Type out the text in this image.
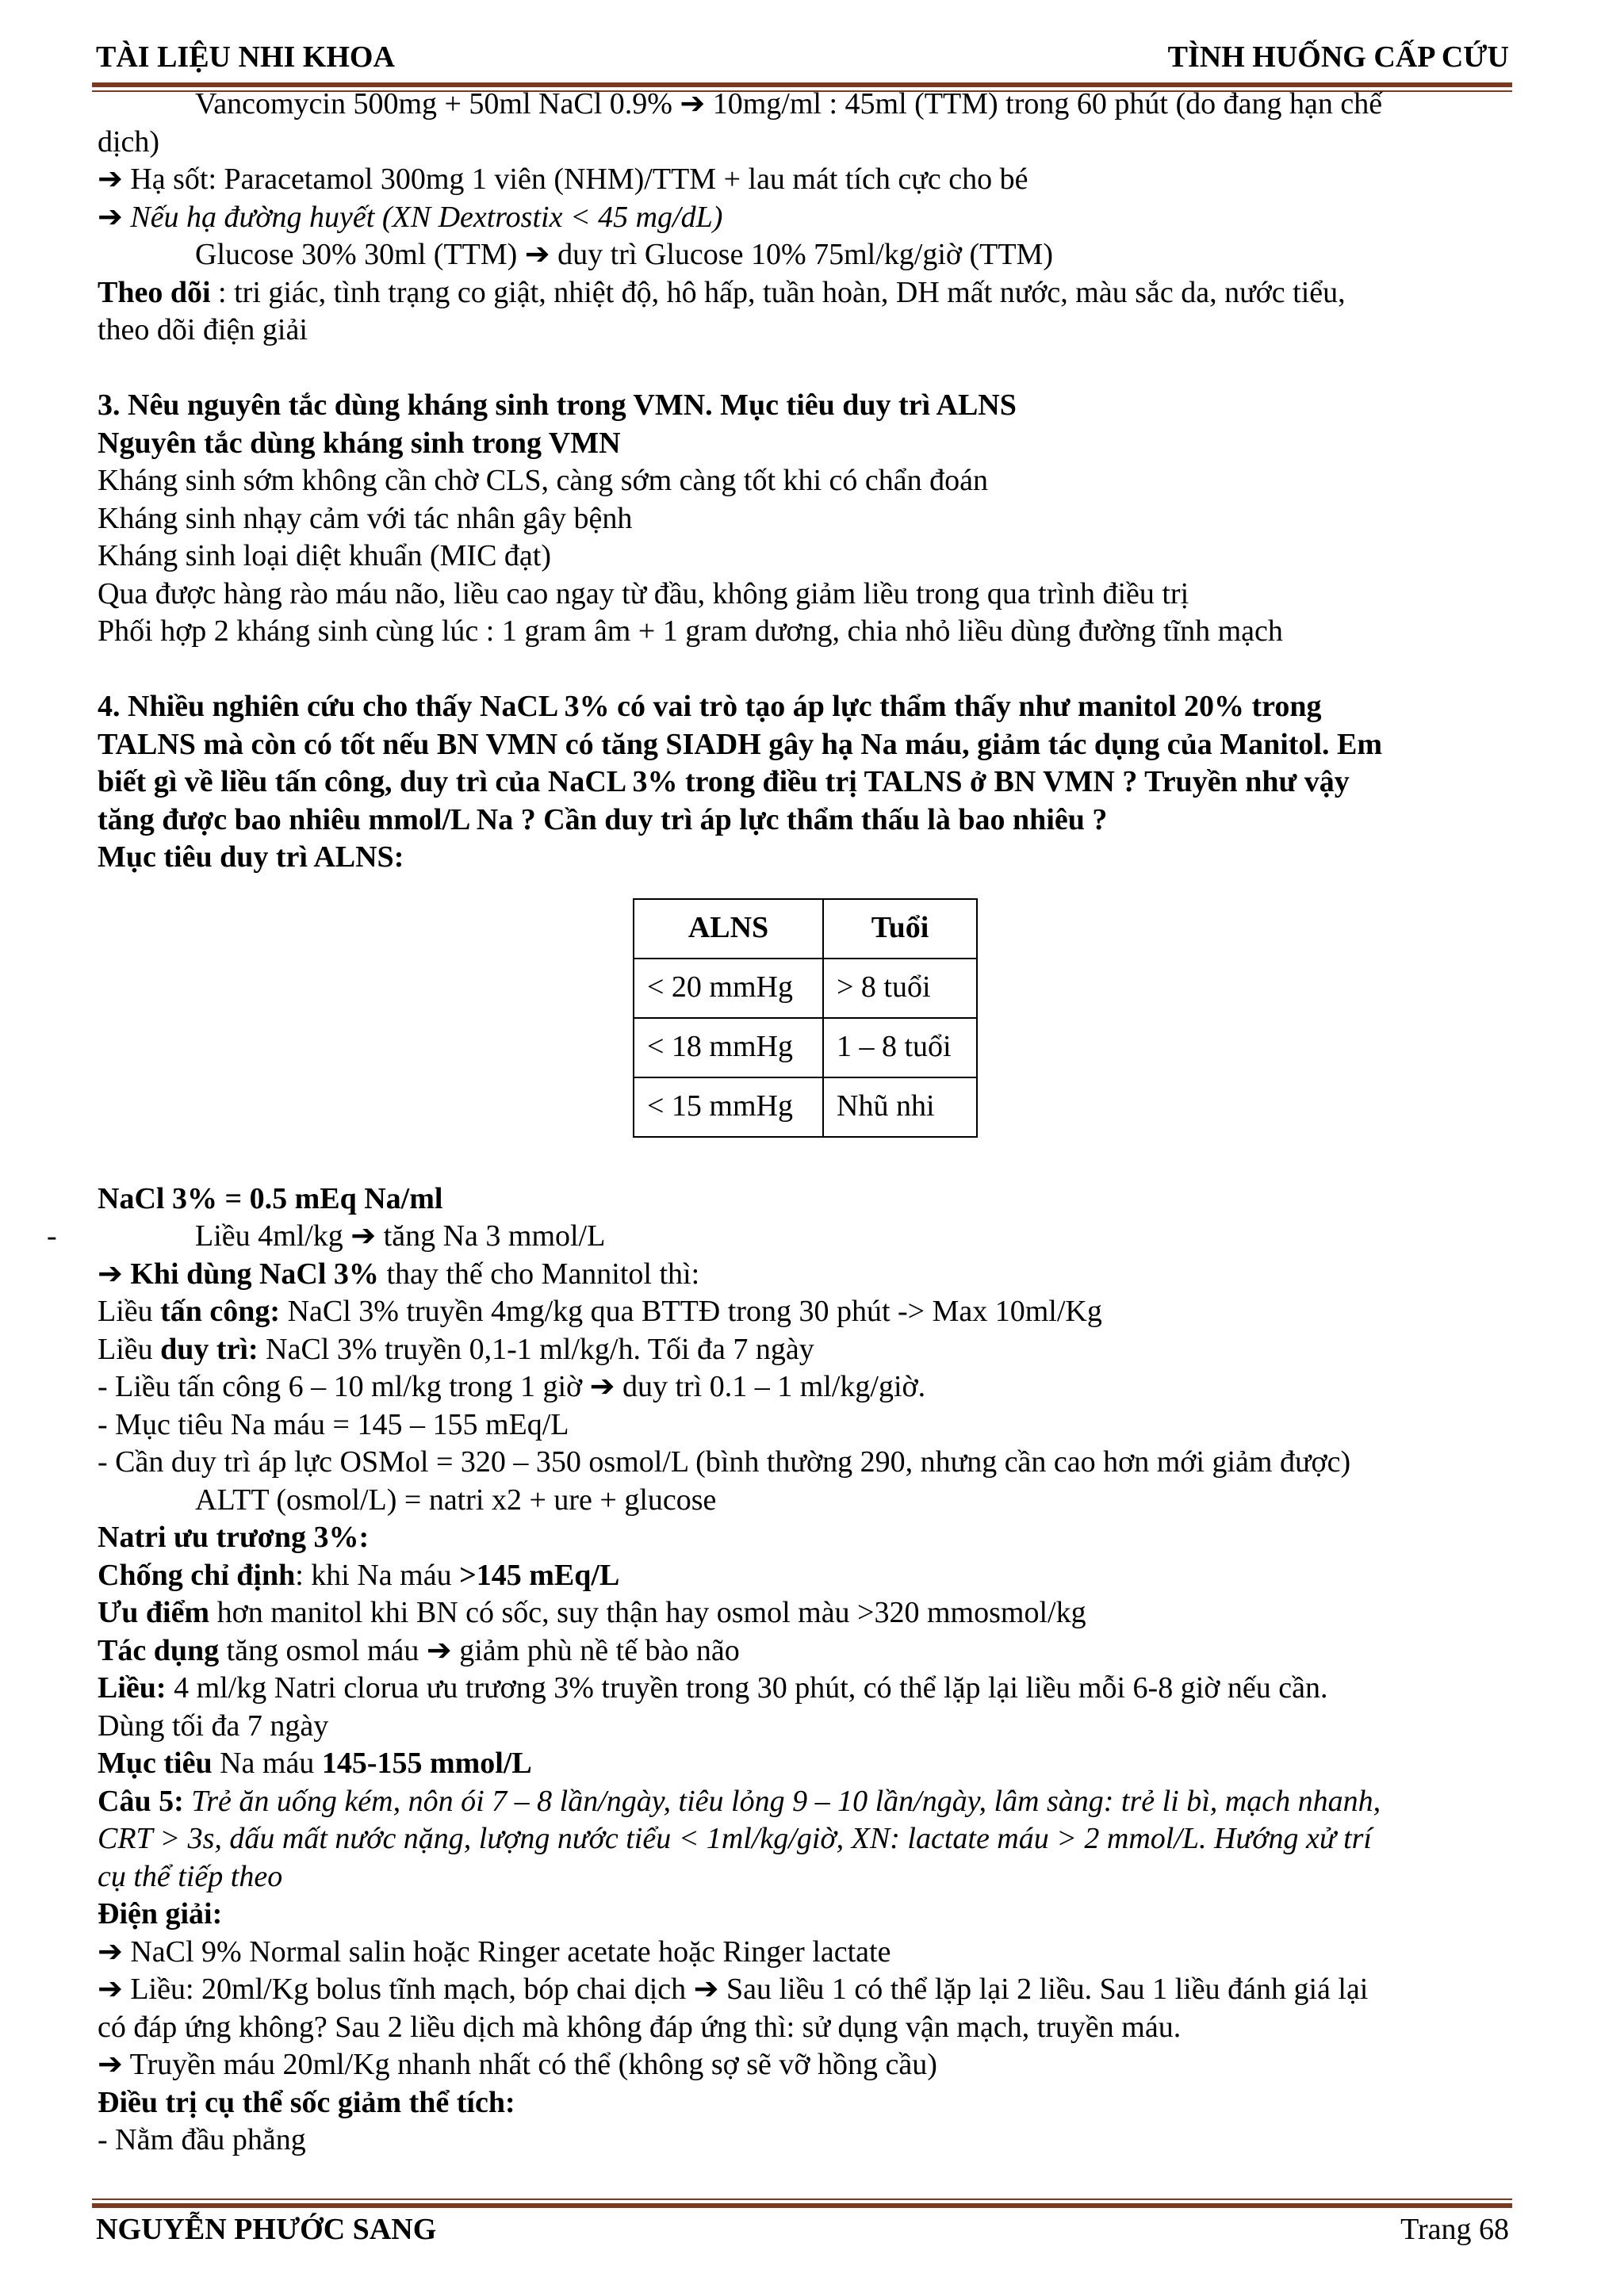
TÀI LIỆU NHI KHOA	TÌNH HUỐNG CẤP CỨU

Vancomycin 500mg + 50ml NaCl 0.9% ➔ 10mg/ml : 45ml (TTM) trong 60 phút (do đang hạn chế

dịch)

➔ Hạ sốt: Paracetamol 300mg 1 viên (NHM)/TTM + lau mát tích cực cho bé

➔ Nếu hạ đường huyết (XN Dextrostix < 45 mg/dL)

Glucose 30% 30ml (TTM) ➔ duy trì Glucose 10% 75ml/kg/giờ (TTM)

Theo dõi : tri giác, tình trạng co giật, nhiệt độ, hô hấp, tuần hoàn, DH mất nước, màu sắc da, nước tiểu,

theo dõi điện giải

3. Nêu nguyên tắc dùng kháng sinh trong VMN. Mục tiêu duy trì ALNS

Nguyên tắc dùng kháng sinh trong VMN

Kháng sinh sớm không cần chờ CLS, càng sớm càng tốt khi có chẩn đoán

Kháng sinh nhạy cảm với tác nhân gây bệnh

Kháng sinh loại diệt khuẩn (MIC đạt)

Qua được hàng rào máu não, liều cao ngay từ đầu, không giảm liều trong qua trình điều trị

Phối hợp 2 kháng sinh cùng lúc : 1 gram âm + 1 gram dương, chia nhỏ liều dùng đường tĩnh mạch

4. Nhiều nghiên cứu cho thấy NaCL 3% có vai trò tạo áp lực thẩm thấy như manitol 20% trong

TALNS mà còn có tốt nếu BN VMN có tăng SIADH gây hạ Na máu, giảm tác dụng của Manitol. Em

biết gì về liều tấn công, duy trì của NaCL 3% trong điều trị TALNS ở BN VMN ? Truyền như vậy

tăng được bao nhiêu mmol/L Na ? Cần duy trì áp lực thẩm thấu là bao nhiêu ?

Mục tiêu duy trì ALNS:

ALNS	Tuổi
< 20 mmHg	> 8 tuổi
< 18 mmHg	1 – 8 tuổi
< 15 mmHg	Nhũ nhi

NaCl 3% = 0.5 mEq Na/ml

-	Liều 4ml/kg ➔ tăng Na 3 mmol/L

➔ Khi dùng NaCl 3% thay thế cho Mannitol thì:

Liều tấn công: NaCl 3% truyền 4mg/kg qua BTTĐ trong 30 phút -> Max 10ml/Kg

Liều duy trì: NaCl 3% truyền 0,1-1 ml/kg/h. Tối đa 7 ngày

- Liều tấn công 6 – 10 ml/kg trong 1 giờ ➔ duy trì 0.1 – 1 ml/kg/giờ.

- Mục tiêu Na máu = 145 – 155 mEq/L

- Cần duy trì áp lực OSMol = 320 – 350 osmol/L (bình thường 290, nhưng cần cao hơn mới giảm được)

ALTT (osmol/L) = natri x2 + ure + glucose

Natri ưu trương 3%:

Chống chỉ định: khi Na máu >145 mEq/L

Ưu điểm hơn manitol khi BN có sốc, suy thận hay osmol màu >320 mmosmol/kg

Tác dụng tăng osmol máu ➔ giảm phù nề tế bào não

Liều: 4 ml/kg Natri clorua ưu trương 3% truyền trong 30 phút, có thể lặp lại liều mỗi 6-8 giờ nếu cần.

Dùng tối đa 7 ngày

Mục tiêu Na máu 145-155 mmol/L

Câu 5: Trẻ ăn uống kém, nôn ói 7 – 8 lần/ngày, tiêu lỏng 9 – 10 lần/ngày, lâm sàng: trẻ li bì, mạch nhanh,

CRT > 3s, dấu mất nước nặng, lượng nước tiểu < 1ml/kg/giờ, XN: lactate máu > 2 mmol/L. Hướng xử trí

cụ thể tiếp theo

Điện giải:

➔ NaCl 9% Normal salin hoặc Ringer acetate hoặc Ringer lactate

➔ Liều: 20ml/Kg bolus tĩnh mạch, bóp chai dịch ➔ Sau liều 1 có thể lặp lại 2 liều. Sau 1 liều đánh giá lại

có đáp ứng không? Sau 2 liều dịch mà không đáp ứng thì: sử dụng vận mạch, truyền máu.

➔ Truyền máu 20ml/Kg nhanh nhất có thể (không sợ sẽ vỡ hồng cầu)

Điều trị cụ thể sốc giảm thể tích:

- Nằm đầu phẳng

NGUYỄN PHƯỚC SANG	Trang 68
